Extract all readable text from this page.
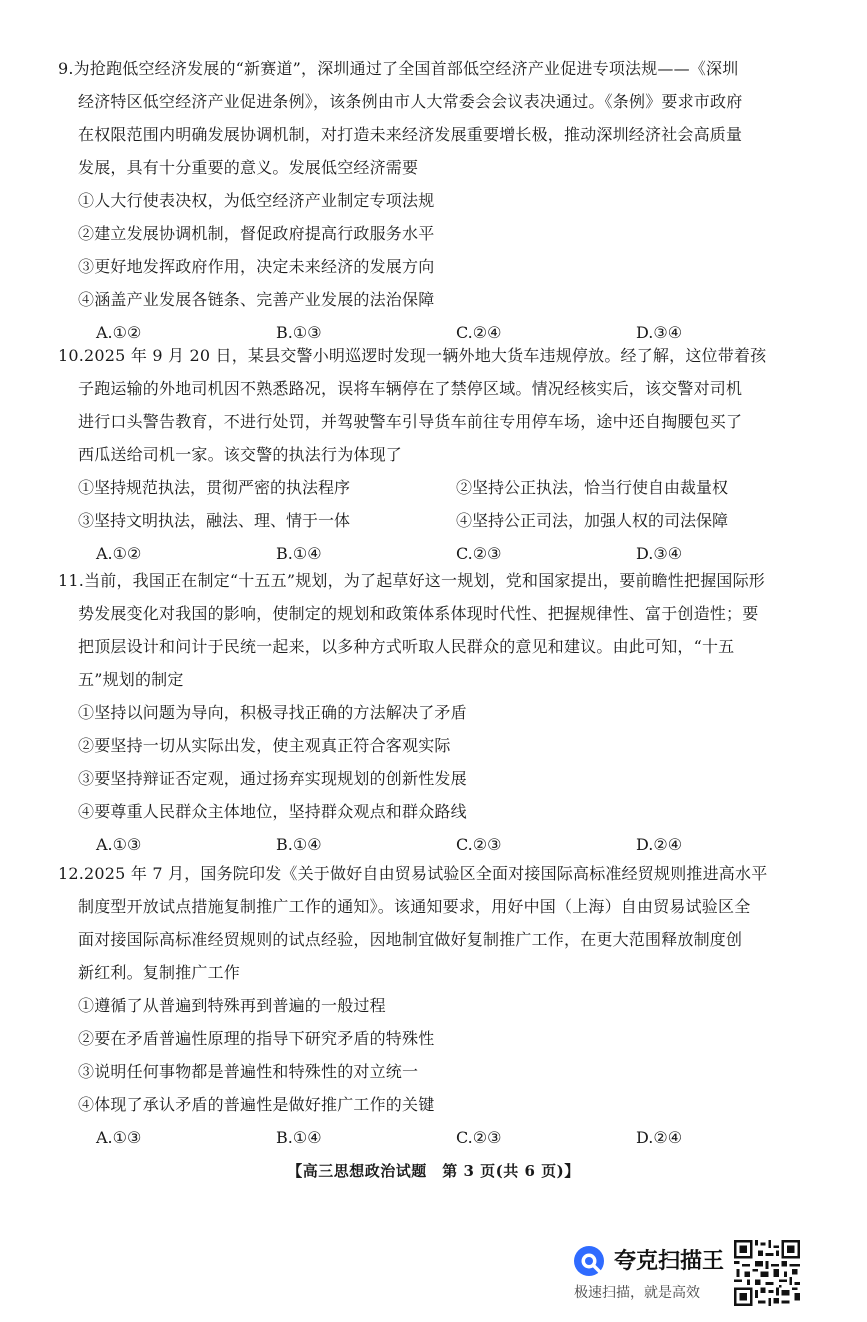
9.为抢跑低空经济发展的“新赛道”，深圳通过了全国首部低空经济产业促进专项法规——《深圳
经济特区低空经济产业促进条例》，该条例由市人大常委会会议表决通过。《条例》要求市政府
在权限范围内明确发展协调机制，对打造未来经济发展重要增长极，推动深圳经济社会高质量
发展，具有十分重要的意义。发展低空经济需要
①人大行使表决权，为低空经济产业制定专项法规
②建立发展协调机制，督促政府提高行政服务水平
③更好地发挥政府作用，决定未来经济的发展方向
④涵盖产业发展各链条、完善产业发展的法治保障
A.①②	B.①③	C.②④	D.③④
10.2025 年 9 月 20 日，某县交警小明巡逻时发现一辆外地大货车违规停放。经了解，这位带着孩
子跑运输的外地司机因不熟悉路况，误将车辆停在了禁停区域。情况经核实后，该交警对司机
进行口头警告教育，不进行处罚，并驾驶警车引导货车前往专用停车场，途中还自掏腰包买了
西瓜送给司机一家。该交警的执法行为体现了
①坚持规范执法，贯彻严密的执法程序	②坚持公正执法，恰当行使自由裁量权
③坚持文明执法，融法、理、情于一体	④坚持公正司法，加强人权的司法保障
A.①②	B.①④	C.②③	D.③④
11.当前，我国正在制定“十五五”规划，为了起草好这一规划，党和国家提出，要前瞻性把握国际形
势发展变化对我国的影响，使制定的规划和政策体系体现时代性、把握规律性、富于创造性；要
把顶层设计和问计于民统一起来，以多种方式听取人民群众的意见和建议。由此可知，“十五
五”规划的制定
①坚持以问题为导向，积极寻找正确的方法解决了矛盾
②要坚持一切从实际出发，使主观真正符合客观实际
③要坚持辩证否定观，通过扬弃实现规划的创新性发展
④要尊重人民群众主体地位，坚持群众观点和群众路线
A.①③	B.①④	C.②③	D.②④
12.2025 年 7 月，国务院印发《关于做好自由贸易试验区全面对接国际高标准经贸规则推进高水平
制度型开放试点措施复制推广工作的通知》。该通知要求，用好中国（上海）自由贸易试验区全
面对接国际高标准经贸规则的试点经验，因地制宜做好复制推广工作，在更大范围释放制度创
新红利。复制推广工作
①遵循了从普遍到特殊再到普遍的一般过程
②要在矛盾普遍性原理的指导下研究矛盾的特殊性
③说明任何事物都是普遍性和特殊性的对立统一
④体现了承认矛盾的普遍性是做好推广工作的关键
A.①③	B.①④	C.②③	D.②④
【高三思想政治试题　第 3 页(共 6 页)】
夸克扫描王
极速扫描，就是高效
